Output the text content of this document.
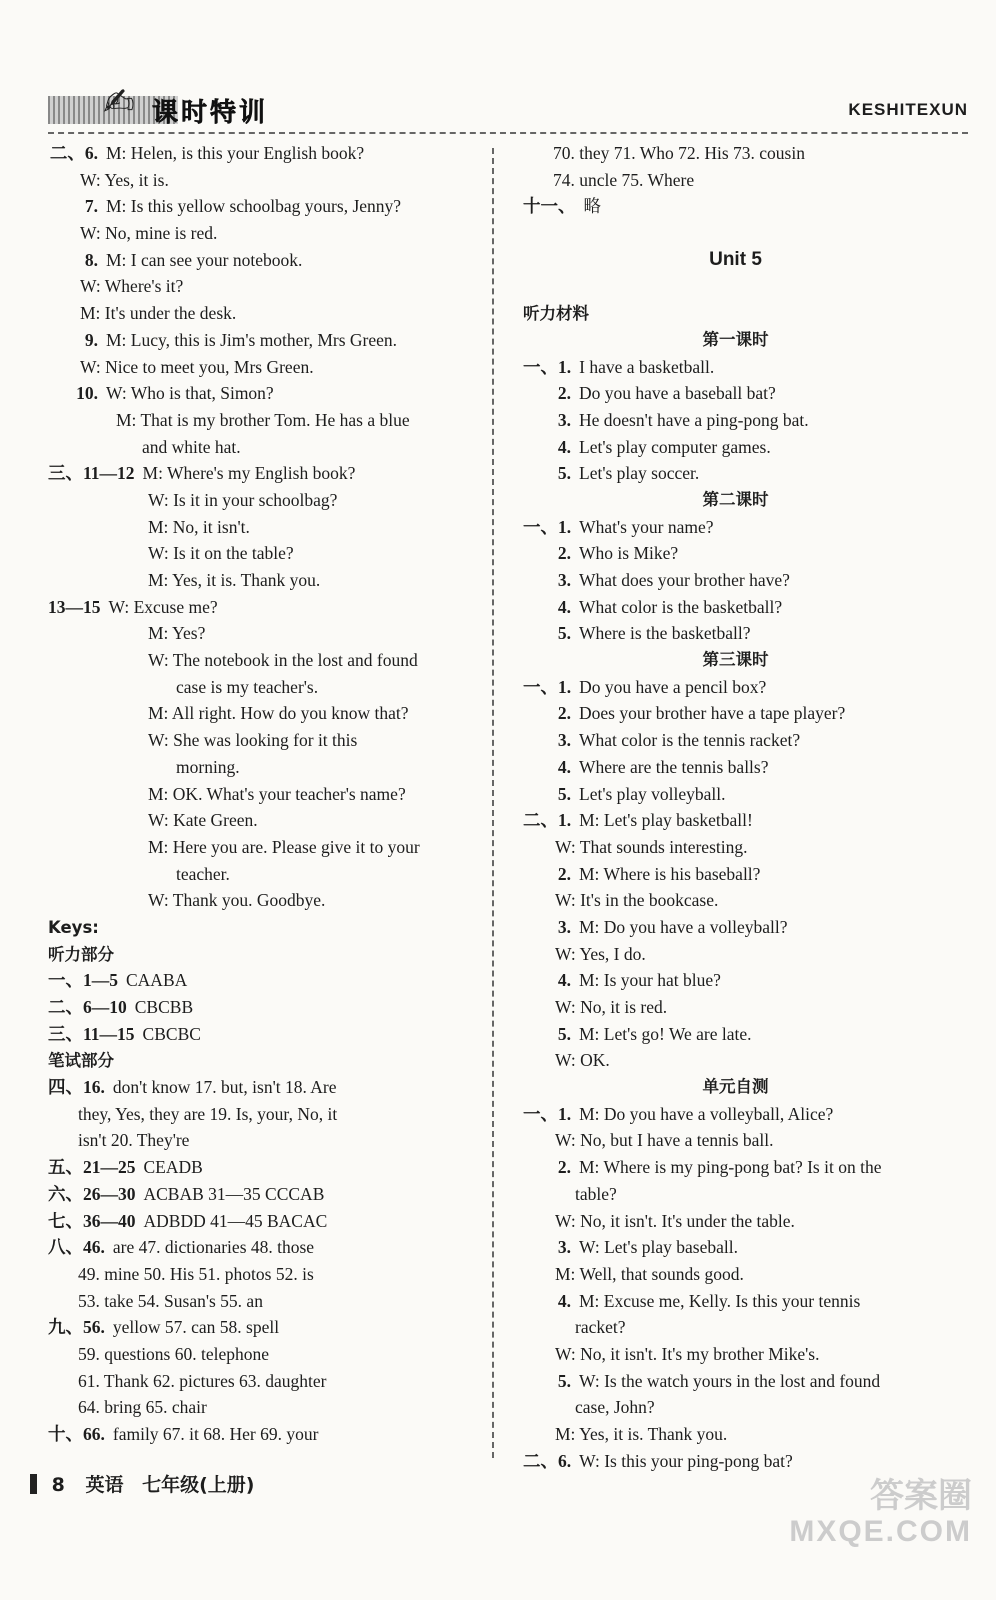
✍ 课时特训	KESHITEXUN
二、6. M: Helen, is this your English book?
W: Yes, it is.
7. M: Is this yellow schoolbag yours, Jenny?
W: No, mine is red.
8. M: I can see your notebook.
W: Where's it?
M: It's under the desk.
9. M: Lucy, this is Jim's mother, Mrs Green.
W: Nice to meet you, Mrs Green.
10. W: Who is that, Simon?
M: That is my brother Tom. He has a blue
and white hat.
三、11—12 M: Where's my English book?
W: Is it in your schoolbag?
M: No, it isn't.
W: Is it on the table?
M: Yes, it is. Thank you.
13—15 W: Excuse me?
M: Yes?
W: The notebook in the lost and found
case is my teacher's.
M: All right. How do you know that?
W: She was looking for it this
morning.
M: OK. What's your teacher's name?
W: Kate Green.
M: Here you are. Please give it to your
teacher.
W: Thank you. Goodbye.
Keys:
听力部分
一、1—5 CAABA
二、6—10 CBCBB
三、11—15 CBCBC
笔试部分
四、16. don't know 17. but, isn't 18. Are
they, Yes, they are 19. Is, your, No, it
isn't 20. They're
五、21—25 CEADB
六、26—30 ACBAB 31—35 CCCAB
七、36—40 ADBDD 41—45 BACAC
八、46. are 47. dictionaries 48. those
49. mine 50. His 51. photos 52. is
53. take 54. Susan's 55. an
九、56. yellow 57. can 58. spell
59. questions 60. telephone
61. Thank 62. pictures 63. daughter
64. bring 65. chair
十、66. family 67. it 68. Her 69. your
70. they 71. Who 72. His 73. cousin
74. uncle 75. Where
十一、 略
Unit 5
听力材料
第一课时
一、1. I have a basketball.
2. Do you have a baseball bat?
3. He doesn't have a ping-pong bat.
4. Let's play computer games.
5. Let's play soccer.
第二课时
一、1. What's your name?
2. Who is Mike?
3. What does your brother have?
4. What color is the basketball?
5. Where is the basketball?
第三课时
一、1. Do you have a pencil box?
2. Does your brother have a tape player?
3. What color is the tennis racket?
4. Where are the tennis balls?
5. Let's play volleyball.
二、1. M: Let's play basketball!
W: That sounds interesting.
2. M: Where is his baseball?
W: It's in the bookcase.
3. M: Do you have a volleyball?
W: Yes, I do.
4. M: Is your hat blue?
W: No, it is red.
5. M: Let's go! We are late.
W: OK.
单元自测
一、1. M: Do you have a volleyball, Alice?
W: No, but I have a tennis ball.
2. M: Where is my ping-pong bat? Is it on the
table?
W: No, it isn't. It's under the table.
3. W: Let's play baseball.
M: Well, that sounds good.
4. M: Excuse me, Kelly. Is this your tennis
racket?
W: No, it isn't. It's my brother Mike's.
5. W: Is the watch yours in the lost and found
case, John?
M: Yes, it is. Thank you.
二、6. W: Is this your ping-pong bat?
8 英语 七年级(上册)	答案圈
MXQE.COM
